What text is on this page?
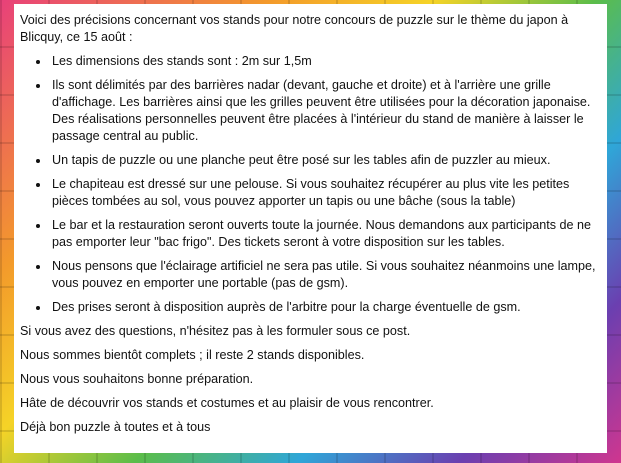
Voici des précisions concernant vos stands pour notre concours de puzzle sur le thème du japon à Blicquy, ce 15 août :

• Les dimensions des stands sont : 2m sur 1,5m
• Ils sont délimités par des barrières nadar (devant, gauche et droite) et à l'arrière une grille d'affichage. Les barrières ainsi que les grilles peuvent être utilisées pour la décoration japonaise. Des réalisations personnelles peuvent être placées à l'intérieur du stand de manière à laisser le passage central au public.
• Un tapis de puzzle ou une planche peut être posé sur les tables afin de puzzler au mieux.
• Le chapiteau est dressé sur une pelouse. Si vous souhaitez récupérer au plus vite les petites pièces tombées au sol, vous pouvez apporter un tapis ou une bâche (sous la table)
• Le bar et la restauration seront ouverts toute la journée. Nous demandons aux participants de ne pas emporter leur "bac frigo". Des tickets seront à votre disposition sur les tables.
• Nous pensons que l'éclairage artificiel ne sera pas utile. Si vous souhaitez néanmoins une lampe, vous pouvez en emporter une portable (pas de gsm).
• Des prises seront à disposition auprès de l'arbitre pour la charge éventuelle de gsm.

Si vous avez des questions, n'hésitez pas à les formuler sous ce post.

Nous sommes bientôt complets ; il reste 2 stands disponibles.

Nous vous souhaitons bonne préparation.

Hâte de découvrir vos stands et costumes et au plaisir de vous rencontrer.

Déjà bon puzzle à toutes et à tous
